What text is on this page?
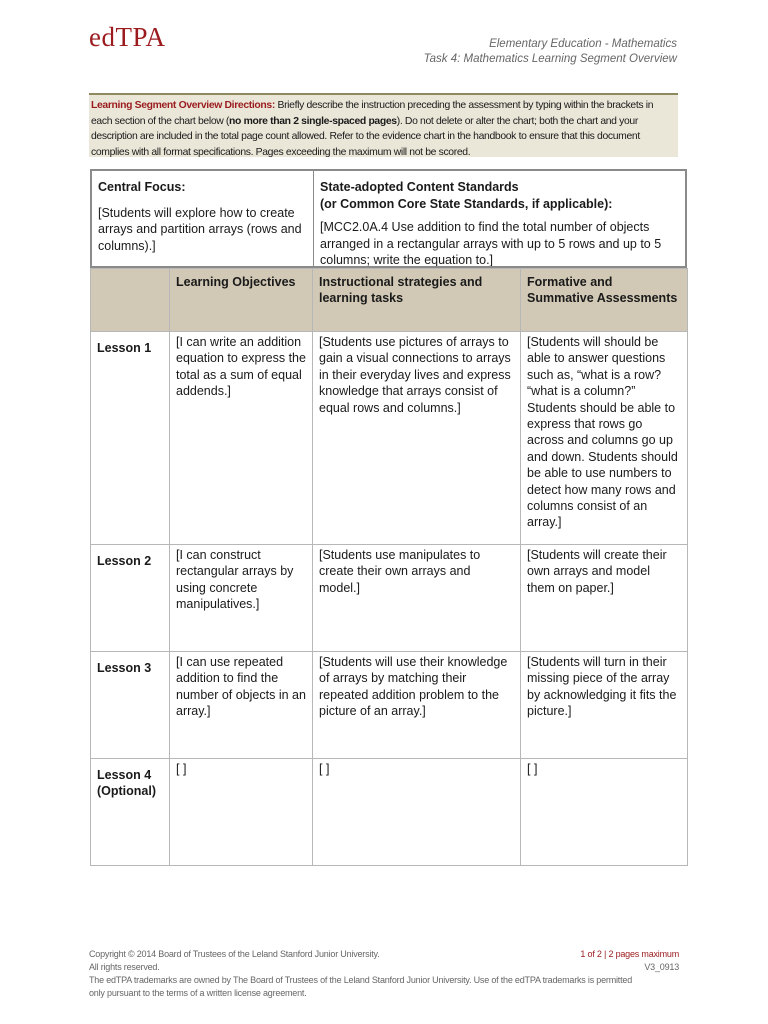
edTPA	Elementary Education - Mathematics
Task 4: Mathematics Learning Segment Overview
Learning Segment Overview Directions: Briefly describe the instruction preceding the assessment by typing within the brackets in each section of the chart below (no more than 2 single-spaced pages). Do not delete or alter the chart; both the chart and your description are included in the total page count allowed. Refer to the evidence chart in the handbook to ensure that this document complies with all format specifications. Pages exceeding the maximum will not be scored.
Central Focus:
[Students will explore how to create arrays and partition arrays (rows and columns).]
State-adopted Content Standards
(or Common Core State Standards, if applicable):
[MCC2.0A.4 Use addition to find the total number of objects arranged in a rectangular arrays with up to 5 rows and up to 5 columns; write the equation to.]
	Learning Objectives	Instructional strategies and learning tasks	Formative and Summative Assessments
Lesson 1	[I can write an addition equation to express the total as a sum of equal addends.]	[Students use pictures of arrays to gain a visual connections to arrays in their everyday lives and express knowledge that arrays consist of equal rows and columns.]	[Students will should be able to answer questions such as, “what is a row? “what is a column?” Students should be able to express that rows go across and columns go up and down. Students should be able to use numbers to detect how many rows and columns consist of an array.]
Lesson 2	[I can construct rectangular arrays by using concrete manipulatives.]	[Students use manipulates to create their own arrays and model.]	[Students will create their own arrays and model them on paper.]
Lesson 3	[I can use repeated addition to find the number of objects in an array.]	[Students will use their knowledge of arrays by matching their repeated addition problem to the picture of an array.]	[Students will turn in their missing piece of the array by acknowledging it fits the picture.]
Lesson 4 (Optional)	[ ]	[ ]	[ ]
Copyright © 2014 Board of Trustees of the Leland Stanford Junior University.
All rights reserved.
1 of 2 | 2 pages maximum
V3_0913
The edTPA trademarks are owned by The Board of Trustees of the Leland Stanford Junior University. Use of the edTPA trademarks is permitted only pursuant to the terms of a written license agreement.
